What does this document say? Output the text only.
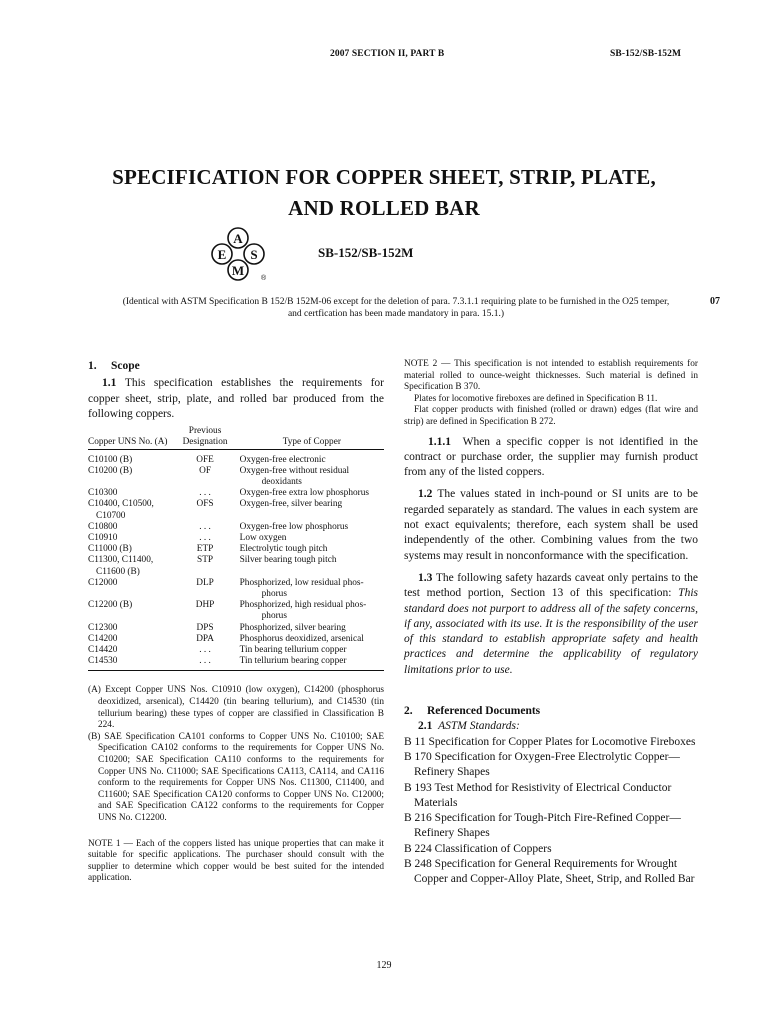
2007 SECTION II, PART B	SB-152/SB-152M
SPECIFICATION FOR COPPER SHEET, STRIP, PLATE,
AND ROLLED BAR
A
S
M
E
®
SB-152/SB-152M
(Identical with ASTM Specification B 152/B 152M-06 except for the deletion of para. 7.3.1.1 requiring plate to be furnished in the O25 temper,
and certfication has been made mandatory in para. 15.1.)
07
1. Scope
1.1 This specification establishes the requirements for copper sheet, strip, plate, and rolled bar produced from the following coppers.
	Previous	
Copper UNS No. (A)	Designation	Type of Copper

C10100 (B)	OFE	Oxygen-free electronic

C10200 (B)	OF	Oxygen-free without residual
deoxidants

C10300	. . .	Oxygen-free extra low phosphorus

C10400, C10500,
C10700	OFS	Oxygen-free, silver bearing

C10800	. . .	Oxygen-free low phosphorus

C10910	. . .	Low oxygen

C11000 (B)	ETP	Electrolytic tough pitch

C11300, C11400,
C11600 (B)	STP	Silver bearing tough pitch

C12000	DLP	Phosphorized, low residual phos-
phorus

C12200 (B)	DHP	Phosphorized, high residual phos-
phorus

C12300	DPS	Phosphorized, silver bearing

C14200	DPA	Phosphorus deoxidized, arsenical

C14420	. . .	Tin bearing tellurium copper

C14530	. . .	Tin tellurium bearing copper

(A) Except Copper UNS Nos. C10910 (low oxygen), C14200 (phosphorus deoxidized, arsenical), C14420 (tin bearing tellurium), and C14530 (tin tellurium bearing) these types of copper are classified in Classification B 224.
(B) SAE Specification CA101 conforms to Copper UNS No. C10100; SAE Specification CA102 conforms to the requirements for Copper UNS No. C10200; SAE Specification CA110 conforms to the requirements for Copper UNS No. C11000; SAE Specifications CA113, CA114, and CA116 conform to the requirements for Copper UNS Nos. C11300, C11400, and C11600; SAE Specification CA120 conforms to Copper UNS No. C12000; and SAE Specification CA122 conforms to the requirements for Copper UNS No. C12200.
NOTE 1 — Each of the coppers listed has unique properties that can make it suitable for specific applications. The purchaser should consult with the supplier to determine which copper would be best suited for the intended application.
NOTE 2 — This specification is not intended to establish requirements for material rolled to ounce-weight thicknesses. Such material is defined in Specification B 370.
Plates for locomotive fireboxes are defined in Specification B 11.
Flat copper products with finished (rolled or drawn) edges (flat wire and strip) are defined in Specification B 272.
1.1.1 When a specific copper is not identified in the contract or purchase order, the supplier may furnish product from any of the listed coppers.
1.2 The values stated in inch-pound or SI units are to be regarded separately as standard. The values in each system are not exact equivalents; therefore, each system shall be used independently of the other. Combining values from the two systems may result in nonconformance with the specification.
1.3 The following safety hazards caveat only pertains to the test method portion, Section 13 of this specification: This standard does not purport to address all of the safety concerns, if any, associated with its use. It is the responsibility of the user of this standard to establish appropriate safety and health practices and determine the applicability of regulatory limitations prior to use.
2. Referenced Documents
2.1 ASTM Standards:

B 11 Specification for Copper Plates for Locomotive Fireboxes

B 170 Specification for Oxygen-Free Electrolytic Copper—Refinery Shapes

B 193 Test Method for Resistivity of Electrical Conductor Materials

B 216 Specification for Tough-Pitch Fire-Refined Copper—Refinery Shapes

B 224 Classification of Coppers

B 248 Specification for General Requirements for Wrought Copper and Copper-Alloy Plate, Sheet, Strip, and Rolled Bar

129
